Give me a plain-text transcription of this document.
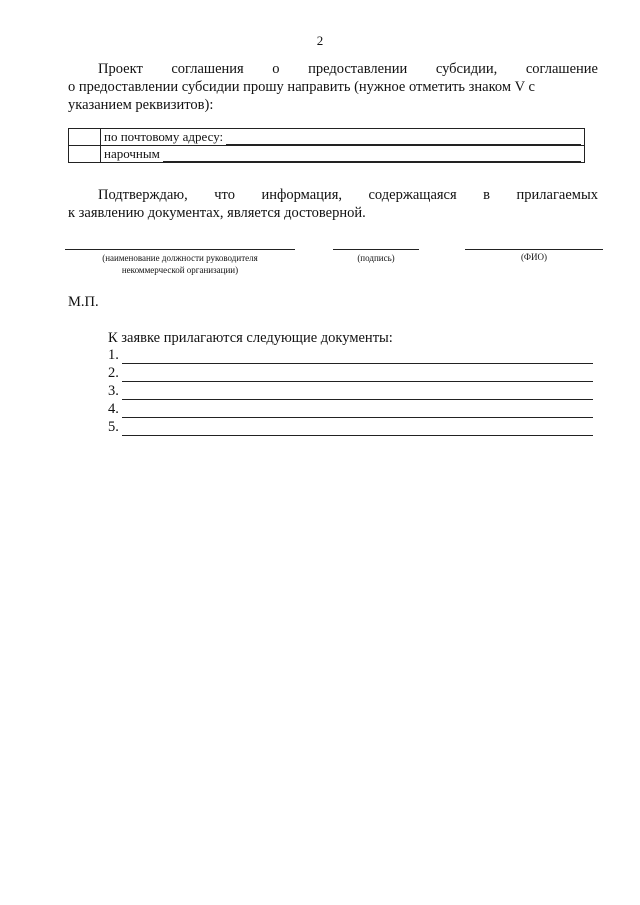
2
Проект соглашения о предоставлении субсидии, соглашение
о предоставлении субсидии прошу направить (нужное отметить знаком V с
указанием реквизитов):

	по почтовому адресу:

	нарочным
Подтверждаю, что информация, содержащаяся в прилагаемых
к заявлению документах, является достоверной.
(наименование должности руководителя
некоммерческой организации)
(подпись)	(ФИО)
М.П.
К заявке прилагаются следующие документы:
1.
2.
3.
4.
5.
